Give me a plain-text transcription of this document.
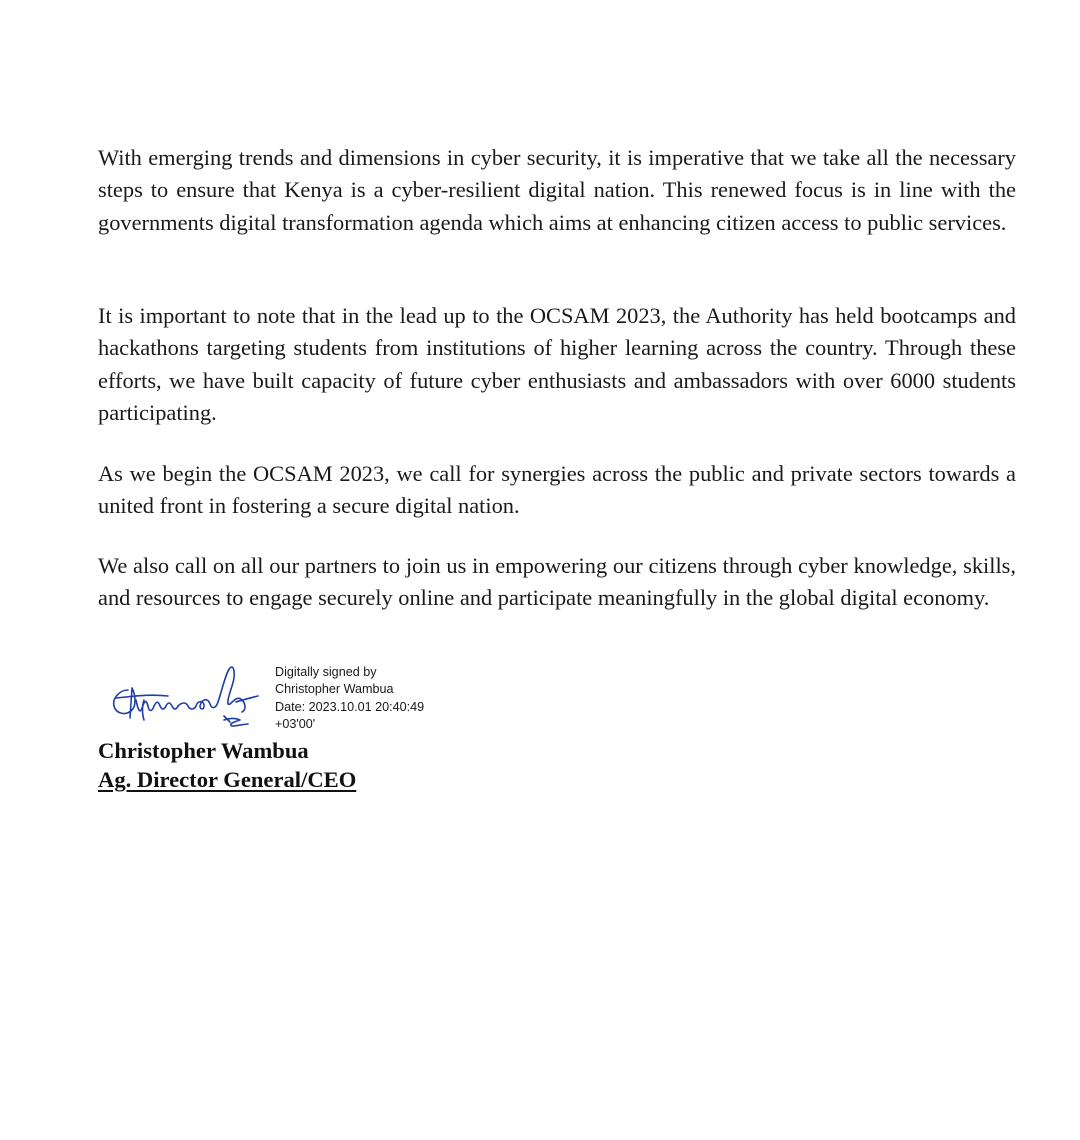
With emerging trends and dimensions in cyber security, it is imperative that we take all the necessary steps to ensure that Kenya is a cyber-resilient digital nation. This renewed focus is in line with the governments digital transformation agenda which aims at enhancing citizen access to public services.

It is important to note that in the lead up to the OCSAM 2023, the Authority has held bootcamps and hackathons targeting students from institutions of higher learning across the country. Through these efforts, we have built capacity of future cyber enthusiasts and ambassadors with over 6000 students participating.

As we begin the OCSAM 2023, we call for synergies across the public and private sectors towards a united front in fostering a secure digital nation.

We also call on all our partners to join us in empowering our citizens through cyber knowledge, skills, and resources to engage securely online and participate meaningfully in the global digital economy.

Digitally signed by
Christopher Wambua
Date: 2023.10.01 20:40:49
+03'00'

Christopher Wambua

Ag. Director General/CEO
